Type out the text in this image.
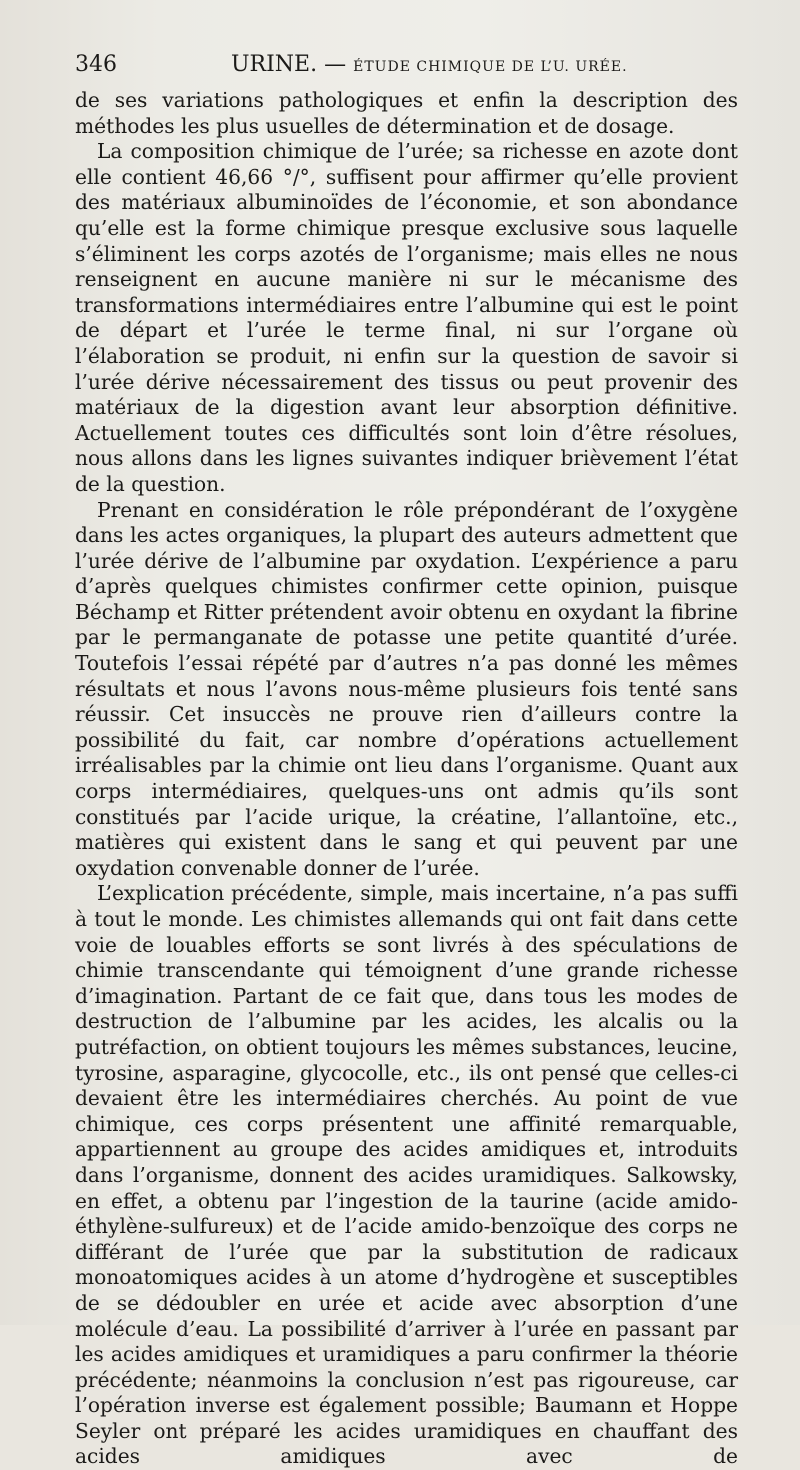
346	URINE. — ÉTUDE CHIMIQUE DE L’U. URÉE.

de ses variations pathologiques et enfin la description des méthodes les plus usuelles de détermination et de dosage.

La composition chimique de l’urée; sa richesse en azote dont elle contient 46,66 °/°, suffisent pour affirmer qu’elle provient des matériaux albuminoïdes de l’économie, et son abondance qu’elle est la forme chimique presque exclusive sous laquelle s’éliminent les corps azotés de l’organisme; mais elles ne nous renseignent en aucune manière ni sur le mécanisme des transformations intermédiaires entre l’albumine qui est le point de départ et l’urée le terme final, ni sur l’organe où l’élaboration se produit, ni enfin sur la question de savoir si l’urée dérive nécessairement des tissus ou peut provenir des matériaux de la digestion avant leur absorption définitive. Actuellement toutes ces difficultés sont loin d’être résolues, nous allons dans les lignes suivantes indiquer brièvement l’état de la question.

Prenant en considération le rôle prépondérant de l’oxygène dans les actes organiques, la plupart des auteurs admettent que l’urée dérive de l’albumine par oxydation. L’expérience a paru d’après quelques chimistes confirmer cette opinion, puisque Béchamp et Ritter prétendent avoir obtenu en oxydant la fibrine par le permanganate de potasse une petite quantité d’urée. Toutefois l’essai répété par d’autres n’a pas donné les mêmes résultats et nous l’avons nous-même plusieurs fois tenté sans réussir. Cet insuccès ne prouve rien d’ailleurs contre la possibilité du fait, car nombre d’opérations actuellement irréalisables par la chimie ont lieu dans l’organisme. Quant aux corps intermédiaires, quelques-uns ont admis qu’ils sont constitués par l’acide urique, la créatine, l’allantoïne, etc., matières qui existent dans le sang et qui peuvent par une oxydation convenable donner de l’urée.

L’explication précédente, simple, mais incertaine, n’a pas suffi à tout le monde. Les chimistes allemands qui ont fait dans cette voie de louables efforts se sont livrés à des spéculations de chimie transcendante qui témoignent d’une grande richesse d’imagination. Partant de ce fait que, dans tous les modes de destruction de l’albumine par les acides, les alcalis ou la putréfaction, on obtient toujours les mêmes substances, leucine, tyrosine, asparagine, glycocolle, etc., ils ont pensé que celles-ci devaient être les intermédiaires cherchés. Au point de vue chimique, ces corps présentent une affinité remarquable, appartiennent au groupe des acides amidiques et, introduits dans l’organisme, donnent des acides uramidiques. Salkowsky, en effet, a obtenu par l’ingestion de la taurine (acide amido-éthylène-sulfureux) et de l’acide amido-benzoïque des corps ne différant de l’urée que par la substitution de radicaux monoatomiques acides à un atome d’hydrogène et susceptibles de se dédoubler en urée et acide avec absorption d’une molécule d’eau. La possibilité d’arriver à l’urée en passant par les acides amidiques et uramidiques a paru confirmer la théorie précédente; néanmoins la conclusion n’est pas rigoureuse, car l’opération inverse est également possible; Baumann et Hoppe Seyler ont préparé les acides uramidiques en chauffant des acides amidiques avec de
